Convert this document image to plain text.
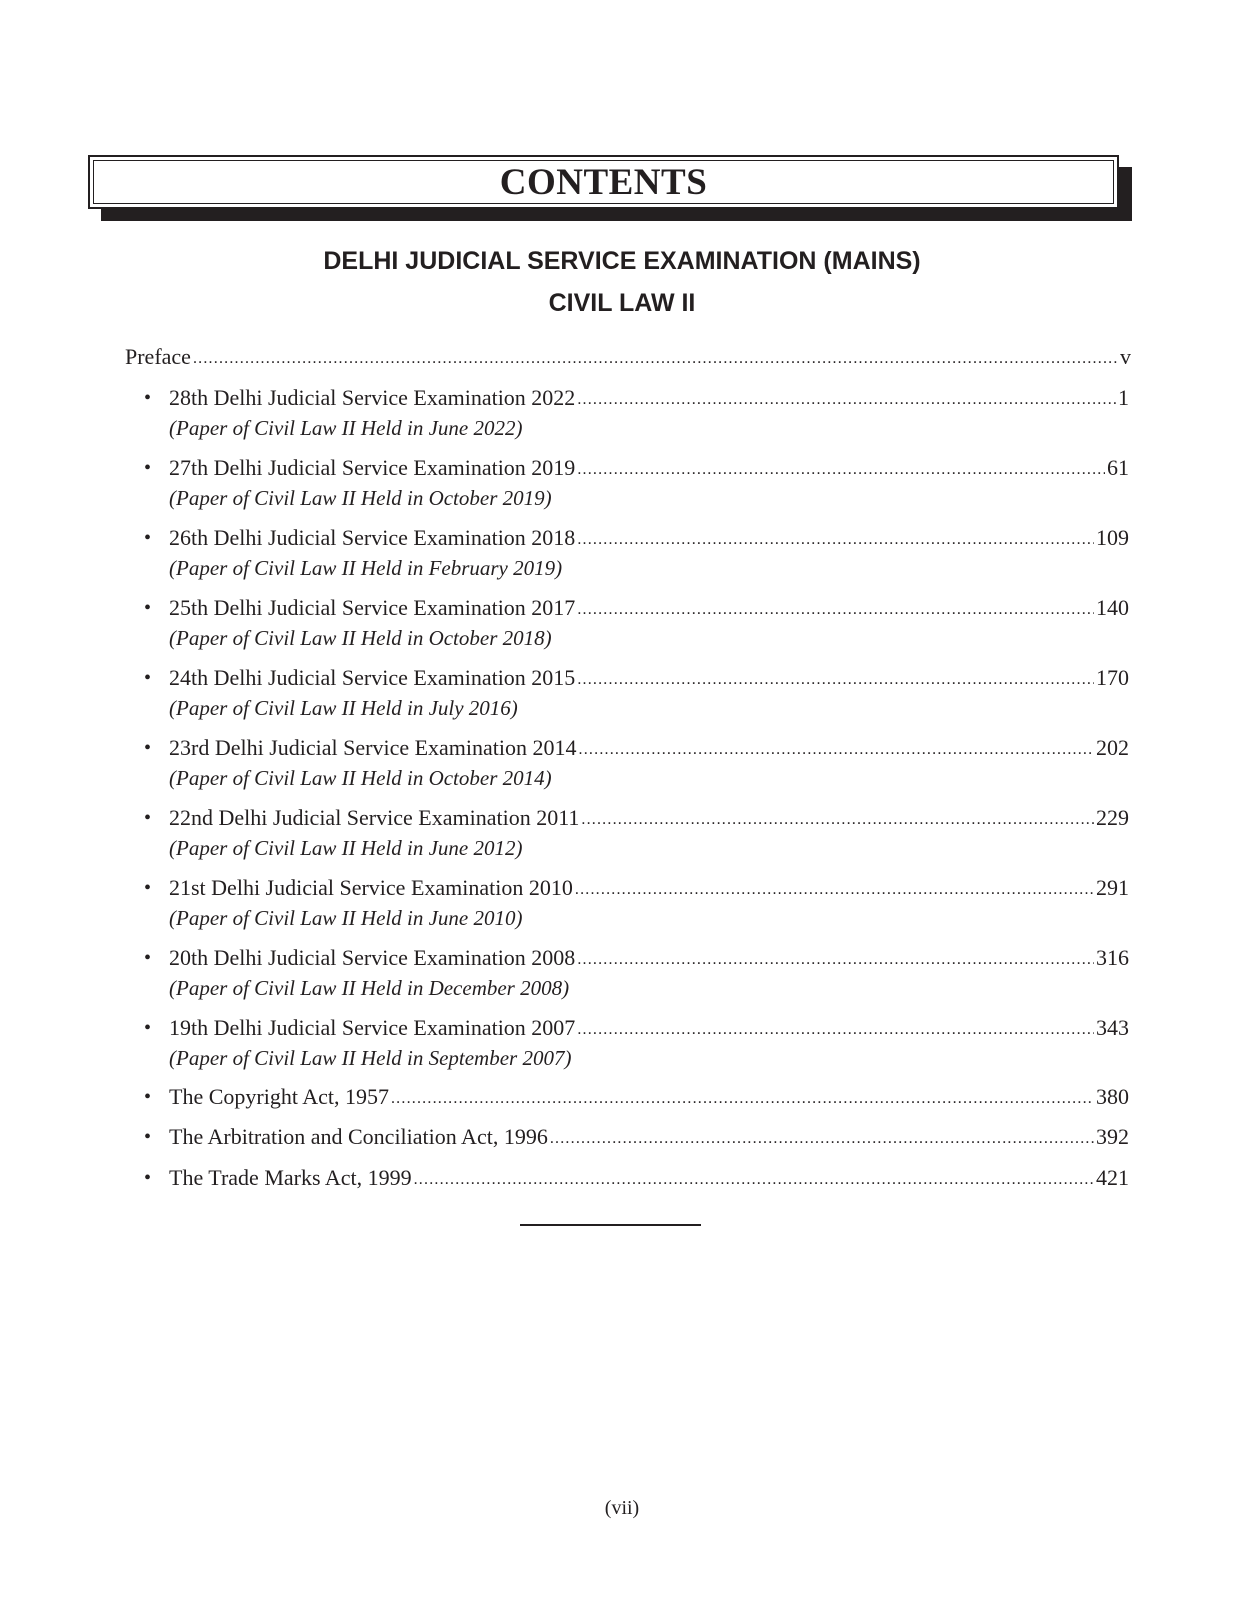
CONTENTS
DELHI JUDICIAL SERVICE EXAMINATION (MAINS)
CIVIL LAW II
Preface .....	v
• 28th Delhi Judicial Service Examination 2022 .....	1
(Paper of Civil Law II Held in June 2022)
• 27th Delhi Judicial Service Examination 2019 .....	61
(Paper of Civil Law II Held in October 2019)
• 26th Delhi Judicial Service Examination 2018 .....	109
(Paper of Civil Law II Held in February 2019)
• 25th Delhi Judicial Service Examination 2017 .....	140
(Paper of Civil Law II Held in October 2018)
• 24th Delhi Judicial Service Examination 2015 .....	170
(Paper of Civil Law II Held in July 2016)
• 23rd Delhi Judicial Service Examination 2014 .....	202
(Paper of Civil Law II Held in October 2014)
• 22nd Delhi Judicial Service Examination 2011 .....	229
(Paper of Civil Law II Held in June 2012)
• 21st Delhi Judicial Service Examination 2010 .....	291
(Paper of Civil Law II Held in June 2010)
• 20th Delhi Judicial Service Examination 2008 .....	316
(Paper of Civil Law II Held in December 2008)
• 19th Delhi Judicial Service Examination 2007 .....	343
(Paper of Civil Law II Held in September 2007)
• The Copyright Act, 1957 .....	380
• The Arbitration and Conciliation Act, 1996 .....	392
• The Trade Marks Act, 1999 .....	421
(vii)
